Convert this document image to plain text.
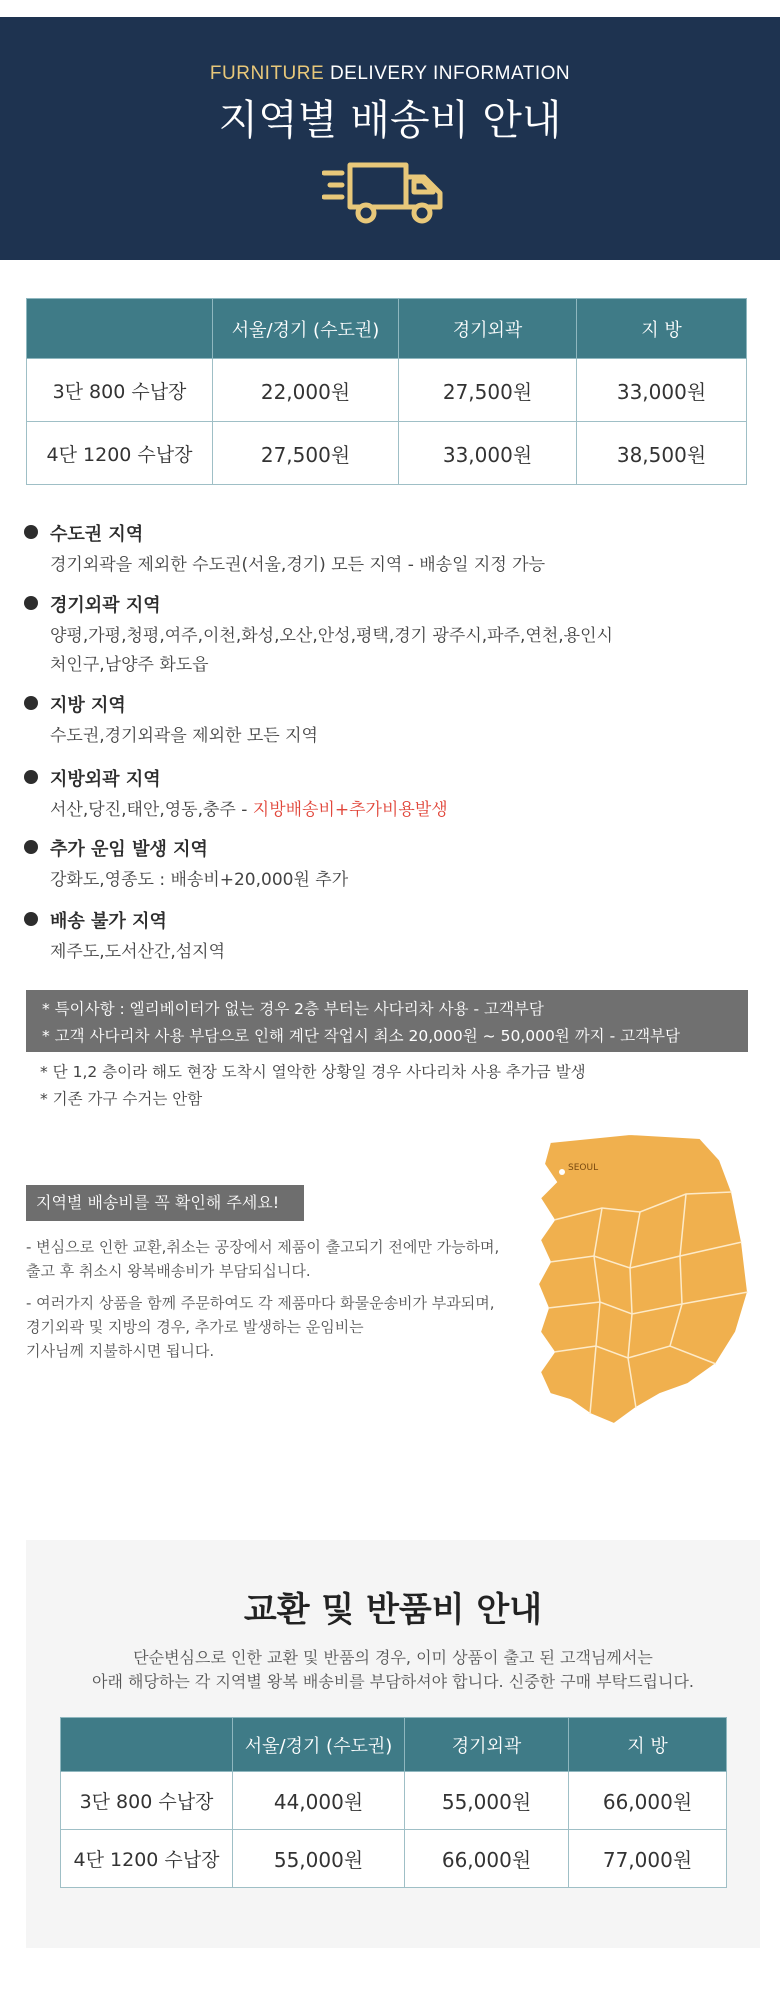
FURNITURE DELIVERY INFORMATION
지역별 배송비 안내
	서울/경기 (수도권)	경기외곽	지 방
3단 800 수납장	22,000원	27,500원	33,000원
4단 1200 수납장	27,500원	33,000원	38,500원
수도권 지역
경기외곽을 제외한 수도권(서울,경기) 모든 지역 - 배송일 지정 가능
경기외곽 지역
양평,가평,청평,여주,이천,화성,오산,안성,평택,경기 광주시,파주,연천,용인시
처인구,남양주 화도읍
지방 지역
수도권,경기외곽을 제외한 모든 지역
지방외곽 지역
서산,당진,태안,영동,충주 - 지방배송비+추가비용발생
추가 운임 발생 지역
강화도,영종도 : 배송비+20,000원 추가
배송 불가 지역
제주도,도서산간,섬지역
* 특이사항 : 엘리베이터가 없는 경우 2층 부터는 사다리차 사용 - 고객부담
* 고객 사다리차 사용 부담으로 인해 계단 작업시 최소 20,000원 ~ 50,000원 까지 - 고객부담
* 단 1,2 층이라 해도 현장 도착시 열악한 상황일 경우 사다리차 사용 추가금 발생
* 기존 가구 수거는 안함
지역별 배송비를 꼭 확인해 주세요!
- 변심으로 인한 교환,취소는 공장에서 제품이 출고되기 전에만 가능하며,
출고 후 취소시 왕복배송비가 부담되십니다.
- 여러가지 상품을 함께 주문하여도 각 제품마다 화물운송비가 부과되며,
경기외곽 및 지방의 경우, 추가로 발생하는 운임비는
기사님께 지불하시면 됩니다.
SEOUL
교환 및 반품비 안내
단순변심으로 인한 교환 및 반품의 경우, 이미 상품이 출고 된 고객님께서는
아래 해당하는 각 지역별 왕복 배송비를 부담하셔야 합니다. 신중한 구매 부탁드립니다.
	서울/경기 (수도권)	경기외곽	지 방
3단 800 수납장	44,000원	55,000원	66,000원
4단 1200 수납장	55,000원	66,000원	77,000원
